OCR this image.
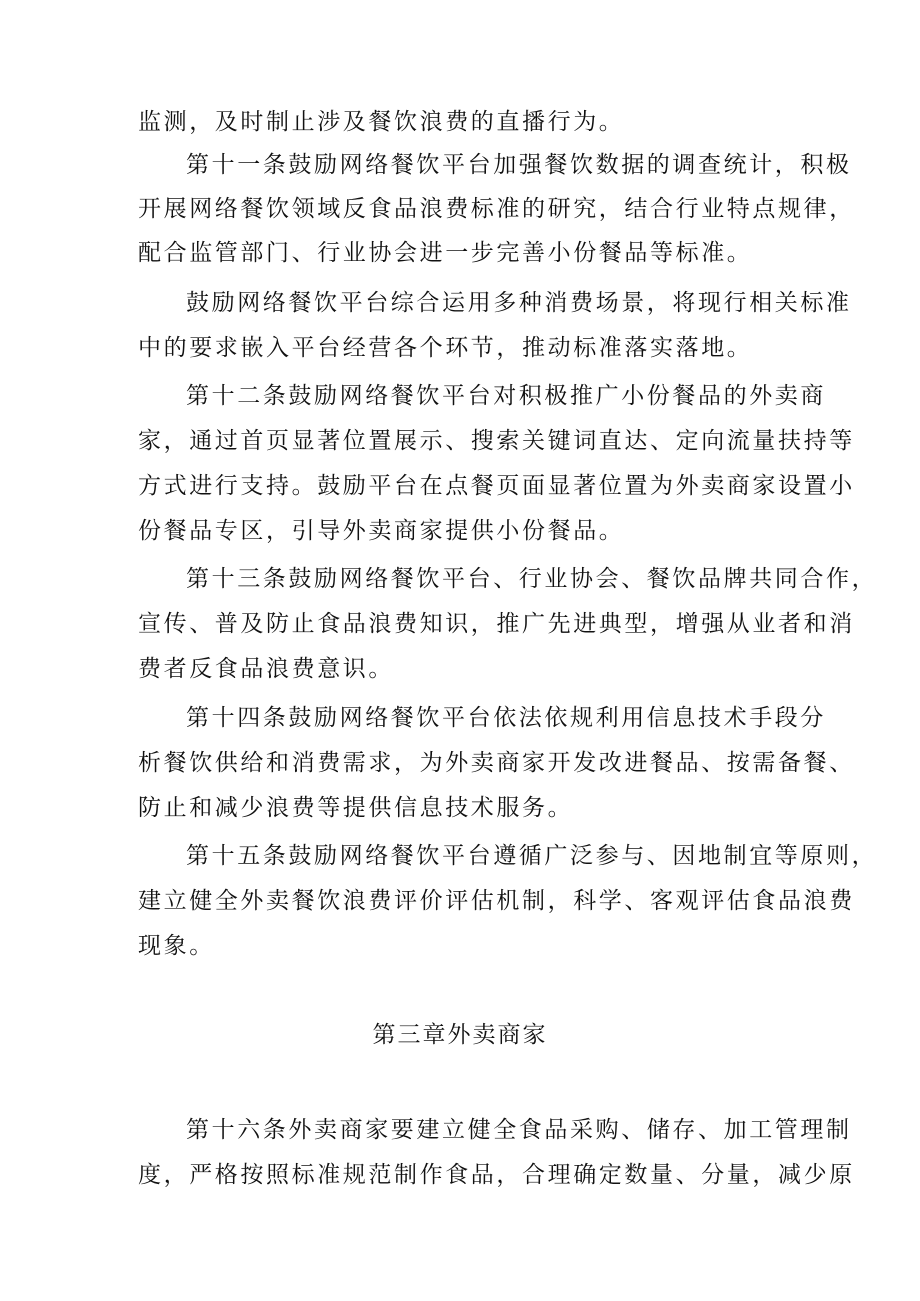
监测，及时制止涉及餐饮浪费的直播行为。
第十一条鼓励网络餐饮平台加强餐饮数据的调查统计，积极
开展网络餐饮领域反食品浪费标准的研究，结合行业特点规律，
配合监管部门、行业协会进一步完善小份餐品等标准。
鼓励网络餐饮平台综合运用多种消费场景，将现行相关标准
中的要求嵌入平台经营各个环节，推动标准落实落地。
第十二条鼓励网络餐饮平台对积极推广小份餐品的外卖商
家，通过首页显著位置展示、搜索关键词直达、定向流量扶持等
方式进行支持。鼓励平台在点餐页面显著位置为外卖商家设置小
份餐品专区，引导外卖商家提供小份餐品。
第十三条鼓励网络餐饮平台、行业协会、餐饮品牌共同合作，
宣传、普及防止食品浪费知识，推广先进典型，增强从业者和消
费者反食品浪费意识。
第十四条鼓励网络餐饮平台依法依规利用信息技术手段分
析餐饮供给和消费需求，为外卖商家开发改进餐品、按需备餐、
防止和减少浪费等提供信息技术服务。
第十五条鼓励网络餐饮平台遵循广泛参与、因地制宜等原则，
建立健全外卖餐饮浪费评价评估机制，科学、客观评估食品浪费
现象。
第三章外卖商家
第十六条外卖商家要建立健全食品采购、储存、加工管理制
度，严格按照标准规范制作食品，合理确定数量、分量，减少原
